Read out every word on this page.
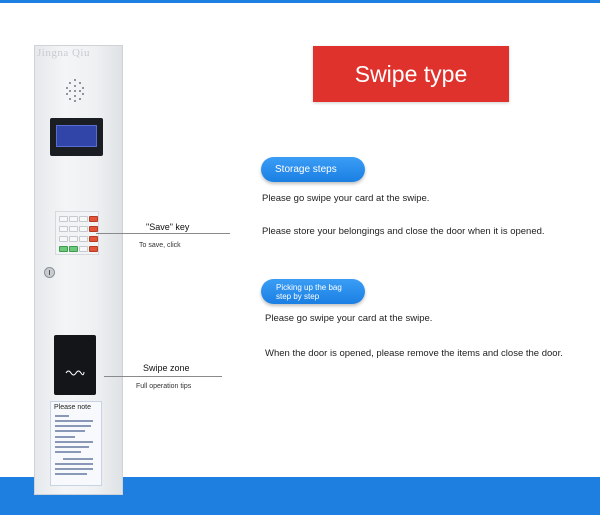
Jingna Qiu
Please note
"Save" key
To save, click
Swipe zone
Full operation tips
Swipe type
Storage steps
Please go swipe your card at the swipe.
Please store your belongings and close the door when it is opened.
Picking up the bag
step by step
Please go swipe your card at the swipe.
When the door is opened, please remove the items and close the door.
